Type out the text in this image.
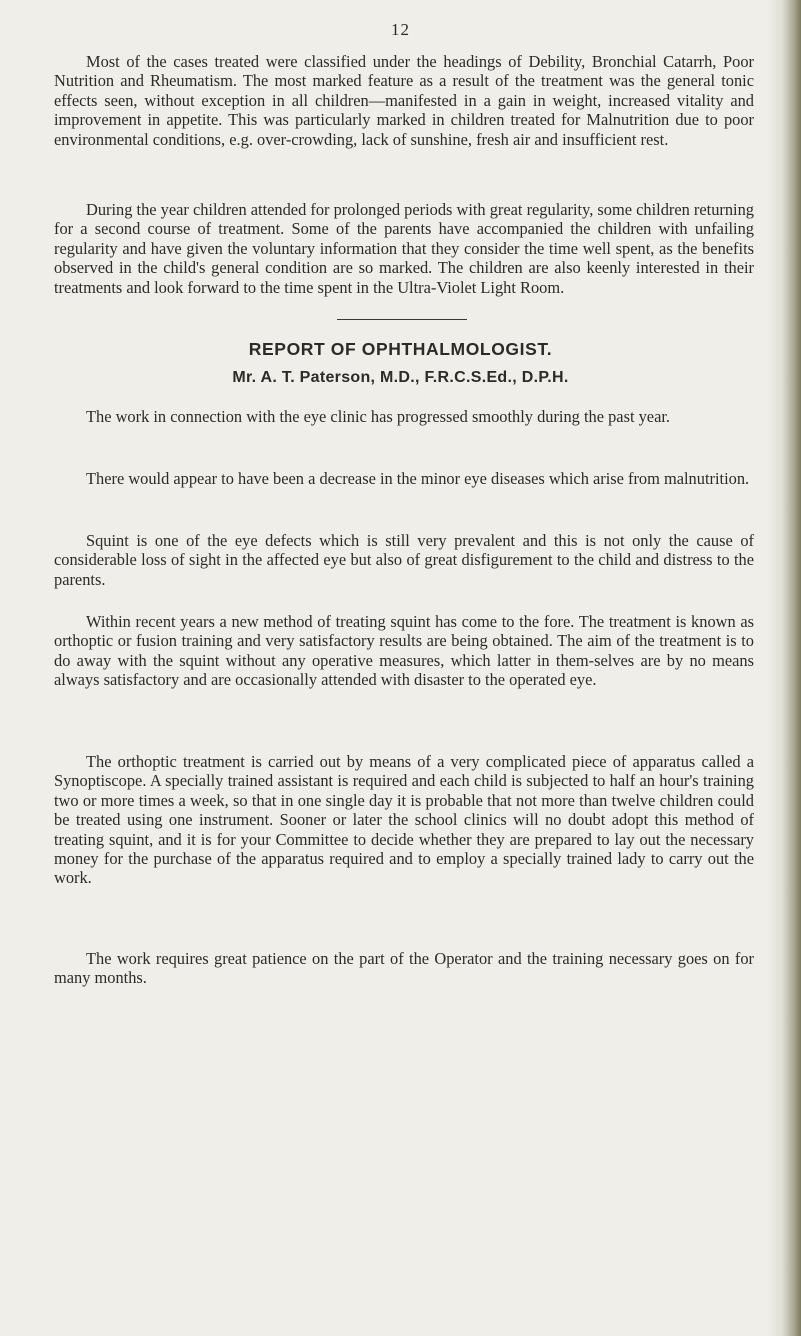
12

Most of the cases treated were classified under the headings of Debility, Bronchial Catarrh, Poor Nutrition and Rheumatism. The most marked feature as a result of the treatment was the general tonic effects seen, without exception in all children—manifested in a gain in weight, increased vitality and improvement in appetite. This was particularly marked in children treated for Malnutrition due to poor environmental conditions, e.g. over-crowding, lack of sunshine, fresh air and insufficient rest.

During the year children attended for prolonged periods with great regularity, some children returning for a second course of treatment. Some of the parents have accompanied the children with unfailing regularity and have given the voluntary information that they consider the time well spent, as the benefits observed in the child's general condition are so marked. The children are also keenly interested in their treatments and look forward to the time spent in the Ultra-Violet Light Room.

REPORT OF OPHTHALMOLOGIST.
Mr. A. T. Paterson, M.D., F.R.C.S.Ed., D.P.H.

The work in connection with the eye clinic has progressed smoothly during the past year.

There would appear to have been a decrease in the minor eye diseases which arise from malnutrition.

Squint is one of the eye defects which is still very prevalent and this is not only the cause of considerable loss of sight in the affected eye but also of great disfigurement to the child and distress to the parents.

Within recent years a new method of treating squint has come to the fore. The treatment is known as orthoptic or fusion training and very satisfactory results are being obtained. The aim of the treatment is to do away with the squint without any operative measures, which latter in them-selves are by no means always satisfactory and are occasionally attended with disaster to the operated eye.

The orthoptic treatment is carried out by means of a very complicated piece of apparatus called a Synoptiscope. A specially trained assistant is required and each child is subjected to half an hour's training two or more times a week, so that in one single day it is probable that not more than twelve children could be treated using one instrument. Sooner or later the school clinics will no doubt adopt this method of treating squint, and it is for your Committee to decide whether they are prepared to lay out the necessary money for the purchase of the apparatus required and to employ a specially trained lady to carry out the work.

The work requires great patience on the part of the Operator and the training necessary goes on for many months.
